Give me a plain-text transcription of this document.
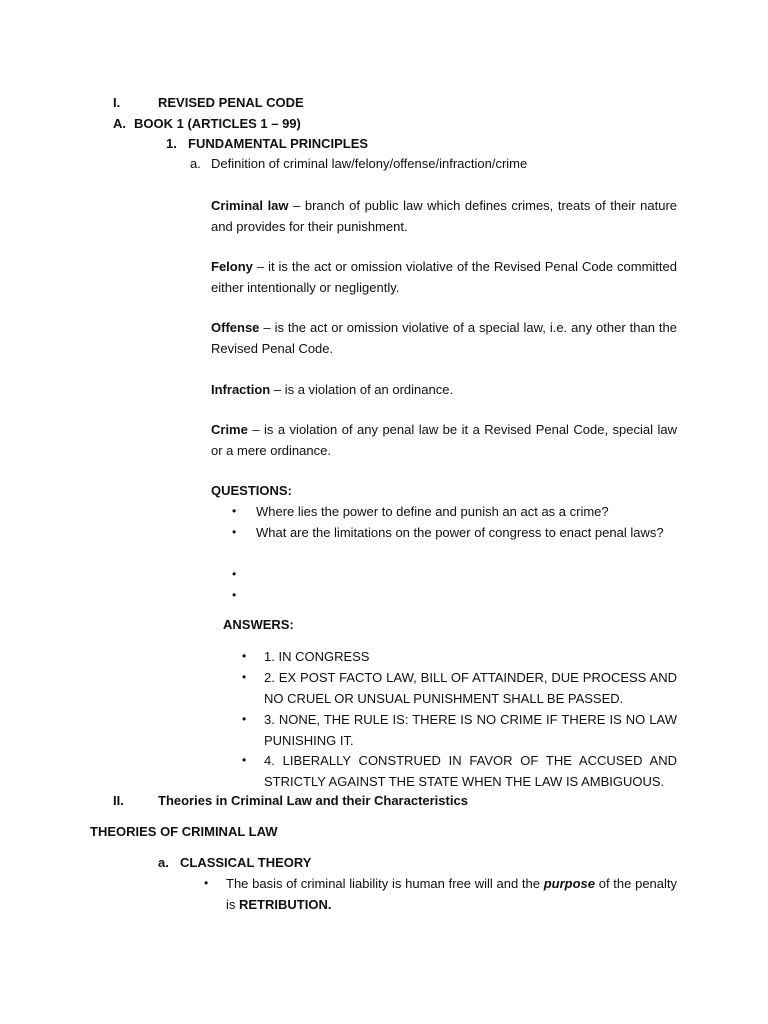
I.	REVISED PENAL CODE
A. BOOK 1 (ARTICLES 1 – 99)
1. FUNDAMENTAL PRINCIPLES
a. Definition of criminal law/felony/offense/infraction/crime
Criminal law – branch of public law which defines crimes, treats of their nature and provides for their punishment.
Felony – it is the act or omission violative of the Revised Penal Code committed either intentionally or negligently.
Offense – is the act or omission violative of a special law, i.e. any other than the Revised Penal Code.
Infraction – is a violation of an ordinance.
Crime – is a violation of any penal law be it a Revised Penal Code, special law or a mere ordinance.
QUESTIONS:
• Where lies the power to define and punish an act as a crime?
• What are the limitations on the power of congress to enact penal laws?
•
•
ANSWERS:
• 1. IN CONGRESS
• 2. EX POST FACTO LAW, BILL OF ATTAINDER, DUE PROCESS AND NO CRUEL OR UNSUAL PUNISHMENT SHALL BE PASSED.
• 3. NONE, THE RULE IS: THERE IS NO CRIME IF THERE IS NO LAW PUNISHING IT.
• 4. LIBERALLY CONSTRUED IN FAVOR OF THE ACCUSED AND STRICTLY AGAINST THE STATE WHEN THE LAW IS AMBIGUOUS.
II.	Theories in Criminal Law and their Characteristics
THEORIES OF CRIMINAL LAW
a. CLASSICAL THEORY
• The basis of criminal liability is human free will and the purpose of the penalty is RETRIBUTION.
